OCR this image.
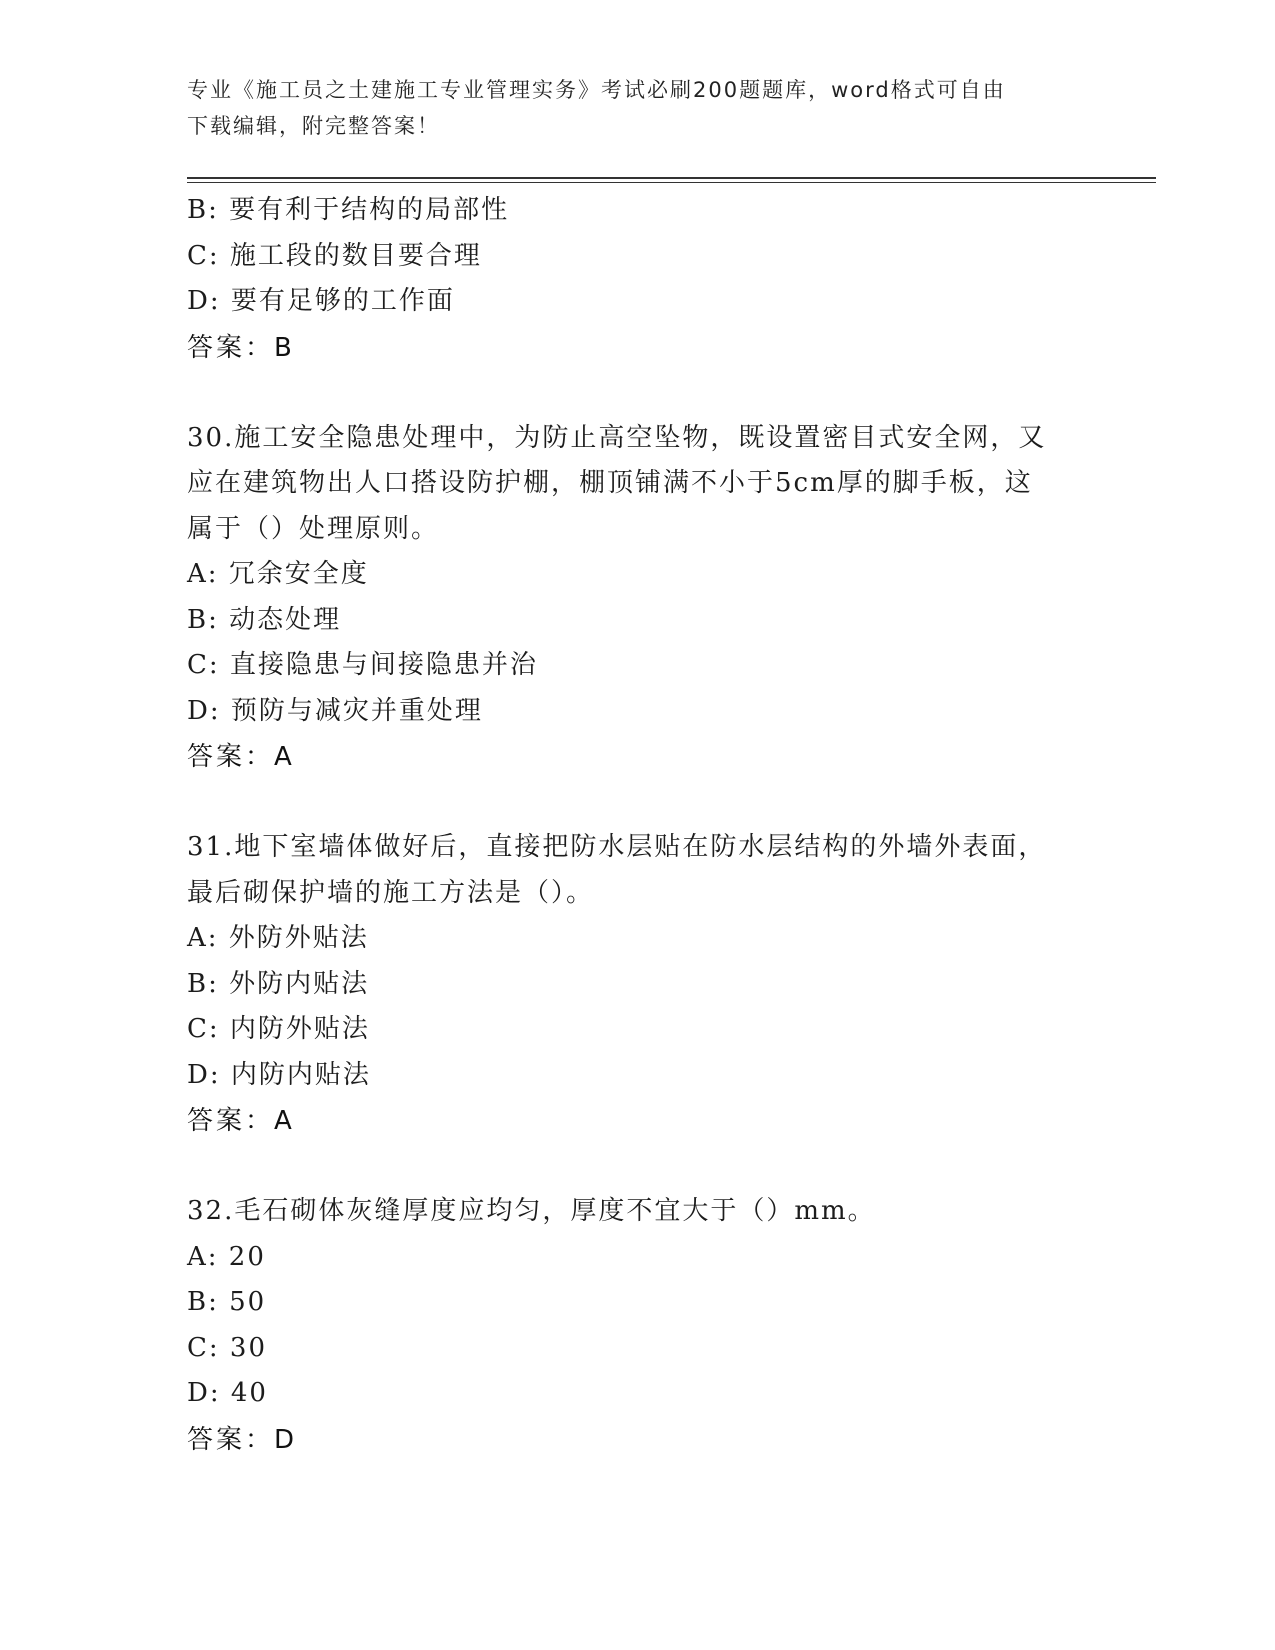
专业《施工员之土建施工专业管理实务》考试必刷200题题库，word格式可自由
下载编辑，附完整答案！
B: 要有利于结构的局部性
C: 施工段的数目要合理
D: 要有足够的工作面
答案：B
30.施工安全隐患处理中，为防止高空坠物，既设置密目式安全网，又
应在建筑物出人口搭设防护棚，棚顶铺满不小于5cm厚的脚手板，这
属于（）处理原则。
A: 冗余安全度
B: 动态处理
C: 直接隐患与间接隐患并治
D: 预防与减灾并重处理
答案：A
31.地下室墙体做好后，直接把防水层贴在防水层结构的外墙外表面，
最后砌保护墙的施工方法是（）。
A: 外防外贴法
B: 外防内贴法
C: 内防外贴法
D: 内防内贴法
答案：A
32.毛石砌体灰缝厚度应均匀，厚度不宜大于（）mm。
A: 20
B: 50
C: 30
D: 40
答案：D
